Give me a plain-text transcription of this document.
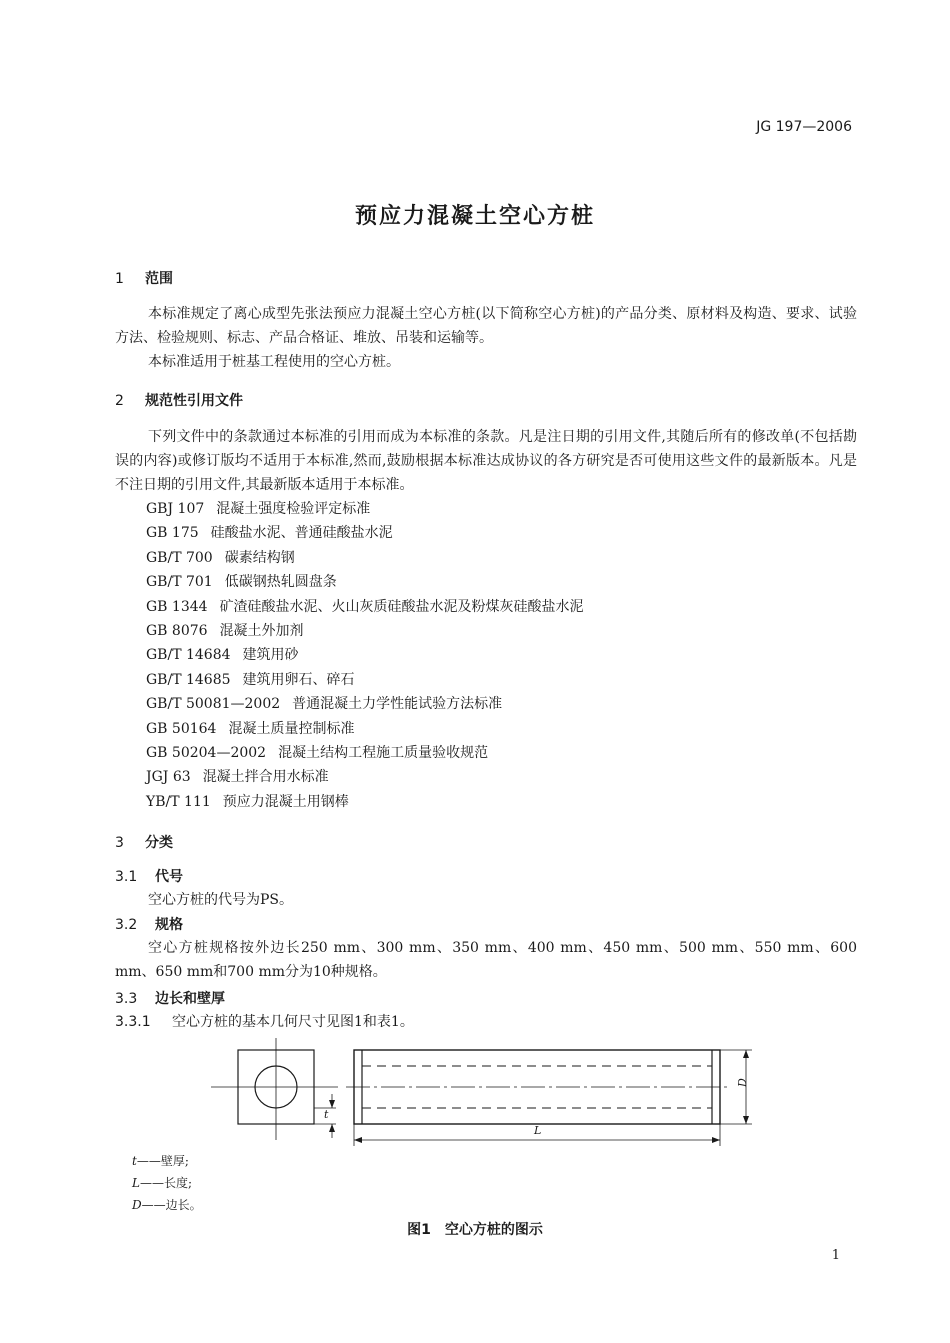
JG 197—2006
预应力混凝土空心方桩
1 范围
本标准规定了离心成型先张法预应力混凝土空心方桩(以下简称空心方桩)的产品分类、原材料及构造、要求、试验方法、检验规则、标志、产品合格证、堆放、吊装和运输等。
本标准适用于桩基工程使用的空心方桩。
2 规范性引用文件
下列文件中的条款通过本标准的引用而成为本标准的条款。凡是注日期的引用文件,其随后所有的修改单(不包括勘误的内容)或修订版均不适用于本标准,然而,鼓励根据本标准达成协议的各方研究是否可使用这些文件的最新版本。凡是不注日期的引用文件,其最新版本适用于本标准。
GBJ 107 混凝土强度检验评定标准
GB 175 硅酸盐水泥、普通硅酸盐水泥
GB/T 700 碳素结构钢
GB/T 701 低碳钢热轧圆盘条
GB 1344 矿渣硅酸盐水泥、火山灰质硅酸盐水泥及粉煤灰硅酸盐水泥
GB 8076 混凝土外加剂
GB/T 14684 建筑用砂
GB/T 14685 建筑用卵石、碎石
GB/T 50081—2002 普通混凝土力学性能试验方法标准
GB 50164 混凝土质量控制标准
GB 50204—2002 混凝土结构工程施工质量验收规范
JGJ 63 混凝土拌合用水标准
YB/T 111 预应力混凝土用钢棒
3 分类
3.1 代号
空心方桩的代号为PS。
3.2 规格
空心方桩规格按外边长250 mm、300 mm、350 mm、400 mm、450 mm、500 mm、550 mm、600 mm、650 mm和700 mm分为10种规格。
3.3 边长和壁厚
3.3.1 空心方桩的基本几何尺寸见图1和表1。
t
D
L
t——壁厚;
L——长度;
D——边长。
图1　空心方桩的图示
1
